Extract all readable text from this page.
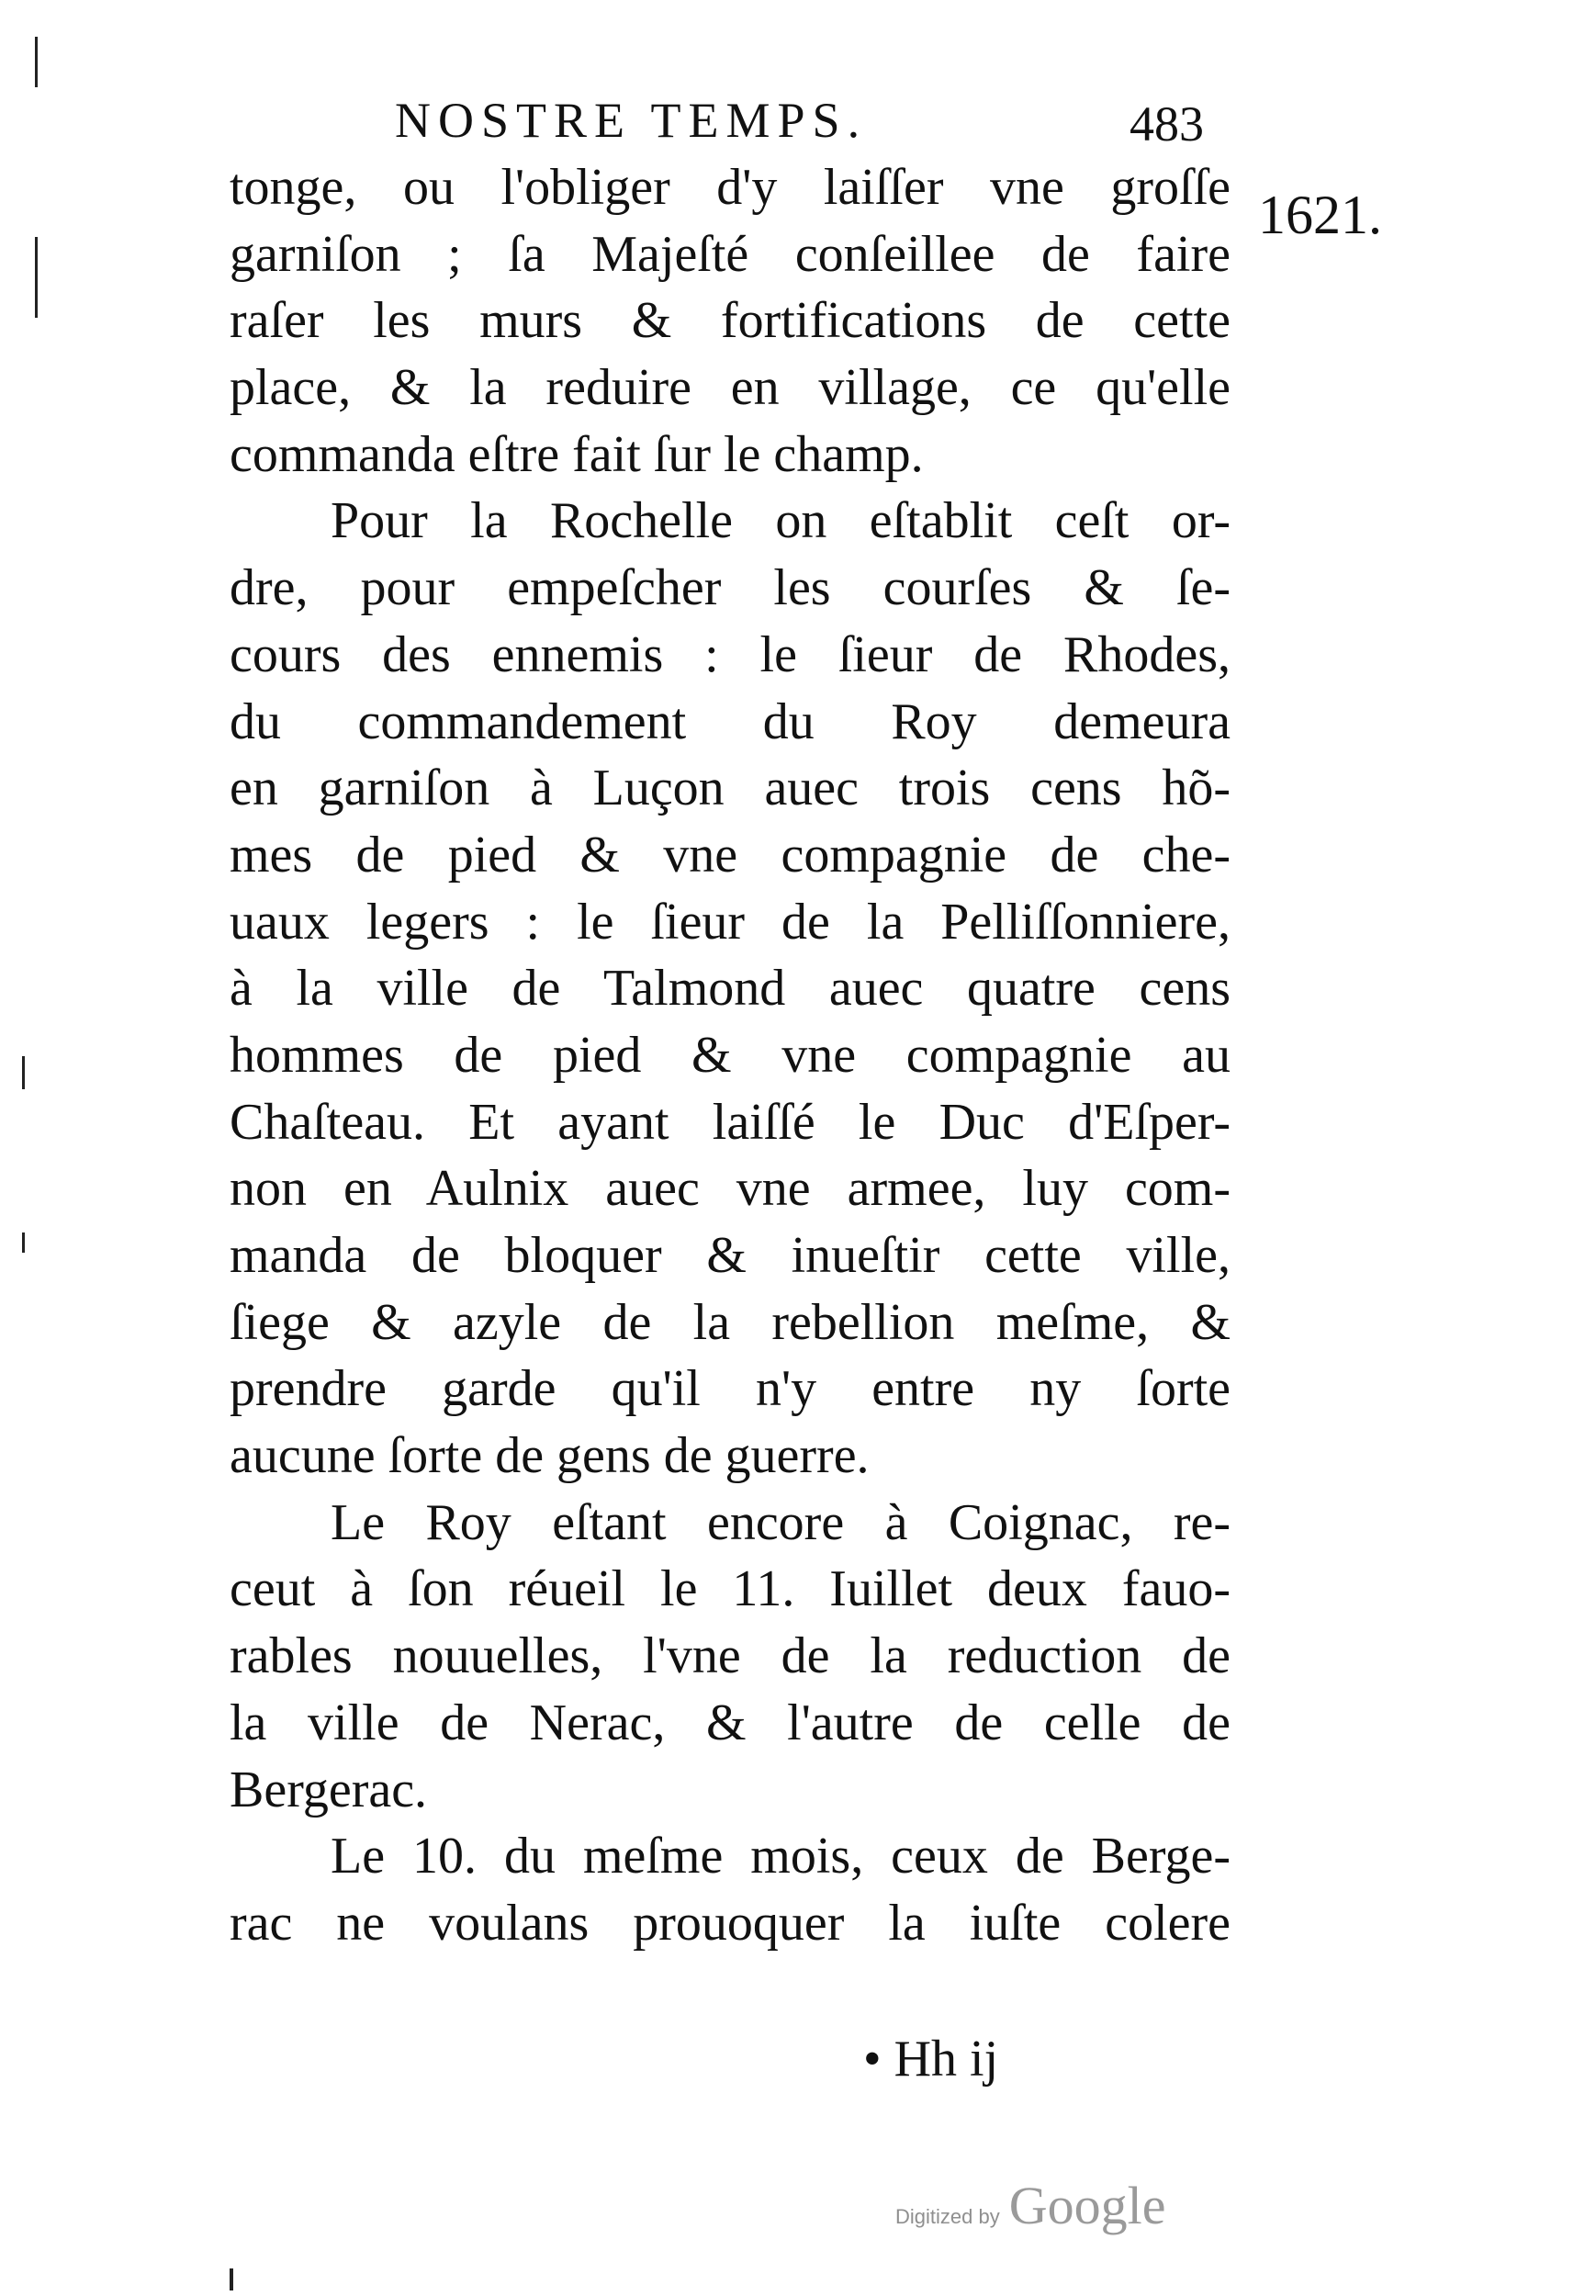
NOSTRE TEMPS.	483
1621.
tonge, ou l'obliger d'y laiſſer vne groſſe
garniſon ; ſa Majeſté conſeillee de faire
raſer les murs & fortifications de cette
place, & la reduire en village, ce qu'elle
commanda eſtre fait ſur le champ.
Pour la Rochelle on eſtablit ceſt or-
dre, pour empeſcher les courſes & ſe-
cours des ennemis : le ſieur de Rhodes,
du commandement du Roy demeura
en garniſon à Luçon auec trois cens hõ-
mes de pied & vne compagnie de che-
uaux legers : le ſieur de la Pelliſſonniere,
à la ville de Talmond auec quatre cens
hommes de pied & vne compagnie au
Chaſteau. Et ayant laiſſé le Duc d'Eſper-
non en Aulnix auec vne armee, luy com-
manda de bloquer & inueſtir cette ville,
ſiege & azyle de la rebellion meſme, &
prendre garde qu'il n'y entre ny ſorte
aucune ſorte de gens de guerre.
Le Roy eſtant encore à Coignac, re-
ceut à ſon réueil le 11. Iuillet deux fauo-
rables nouuelles, l'vne de la reduction de
la ville de Nerac, & l'autre de celle de
Bergerac.
Le 10. du meſme mois, ceux de Berge-
rac ne voulans prouoquer la iuſte colere
• Hh ij
Digitized by Google
